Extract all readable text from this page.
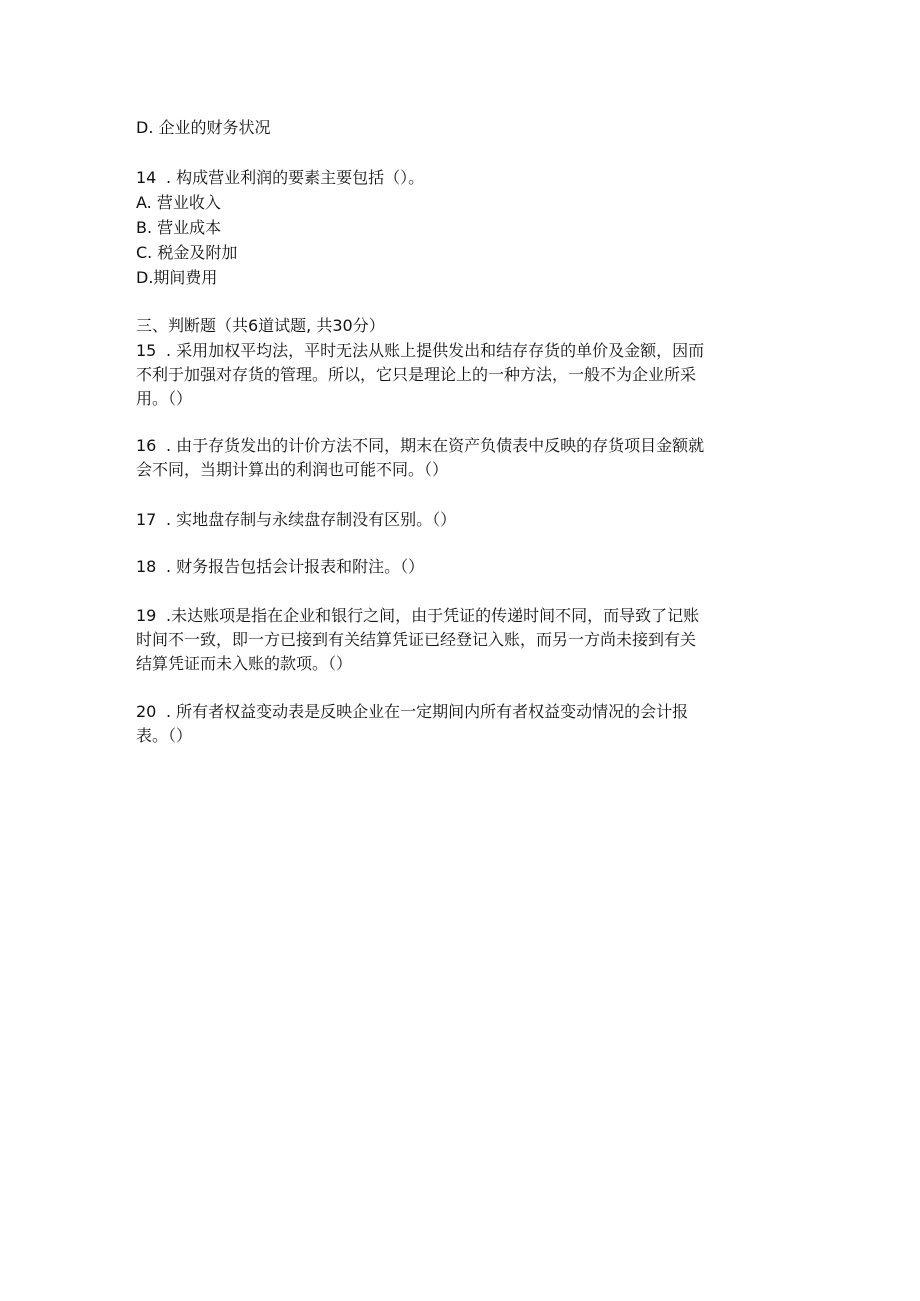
D. 企业的财务状况
14 . 构成营业利润的要素主要包括（）。
A. 营业收入
B. 营业成本
C. 税金及附加
D.期间费用
三、判断题（共6道试题, 共30分）
15 . 采用加权平均法，平时无法从账上提供发出和结存存货的单价及金额，因而
不利于加强对存货的管理。所以，它只是理论上的一种方法，一般不为企业所采
用。（）
16 . 由于存货发出的计价方法不同，期末在资产负债表中反映的存货项目金额就
会不同，当期计算出的利润也可能不同。（）
17 . 实地盘存制与永续盘存制没有区别。（）
18 . 财务报告包括会计报表和附注。（）
19 .未达账项是指在企业和银行之间，由于凭证的传递时间不同，而导致了记账
时间不一致，即一方已接到有关结算凭证已经登记入账，而另一方尚未接到有关
结算凭证而未入账的款项。（）
20 . 所有者权益变动表是反映企业在一定期间内所有者权益变动情况的会计报
表。（）
